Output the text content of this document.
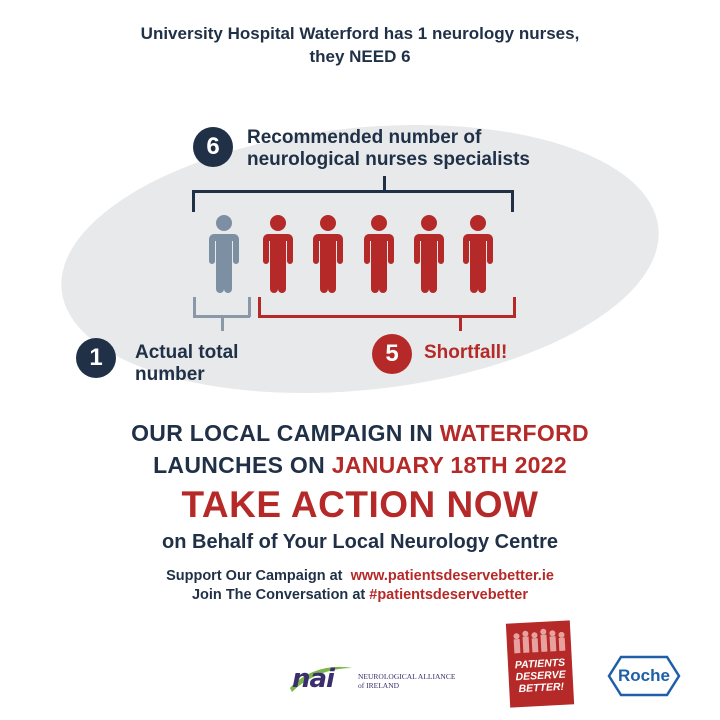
University Hospital Waterford has 1 neurology nurses,
they NEED 6
6 Recommended number of
neurological nurses specialists
1 Actual total
number
5 Shortfall!
OUR LOCAL CAMPAIGN IN WATERFORD
LAUNCHES ON JANUARY 18TH 2022
TAKE ACTION NOW
on Behalf of Your Local Neurology Centre
Support Our Campaign at www.patientsdeservebetter.ie
Join The Conversation at #patientsdeservebetter
nai	NEUROLOGICAL ALLIANCE
of IRELAND
PATIENTS
DESERVE
BETTER!
Roche
